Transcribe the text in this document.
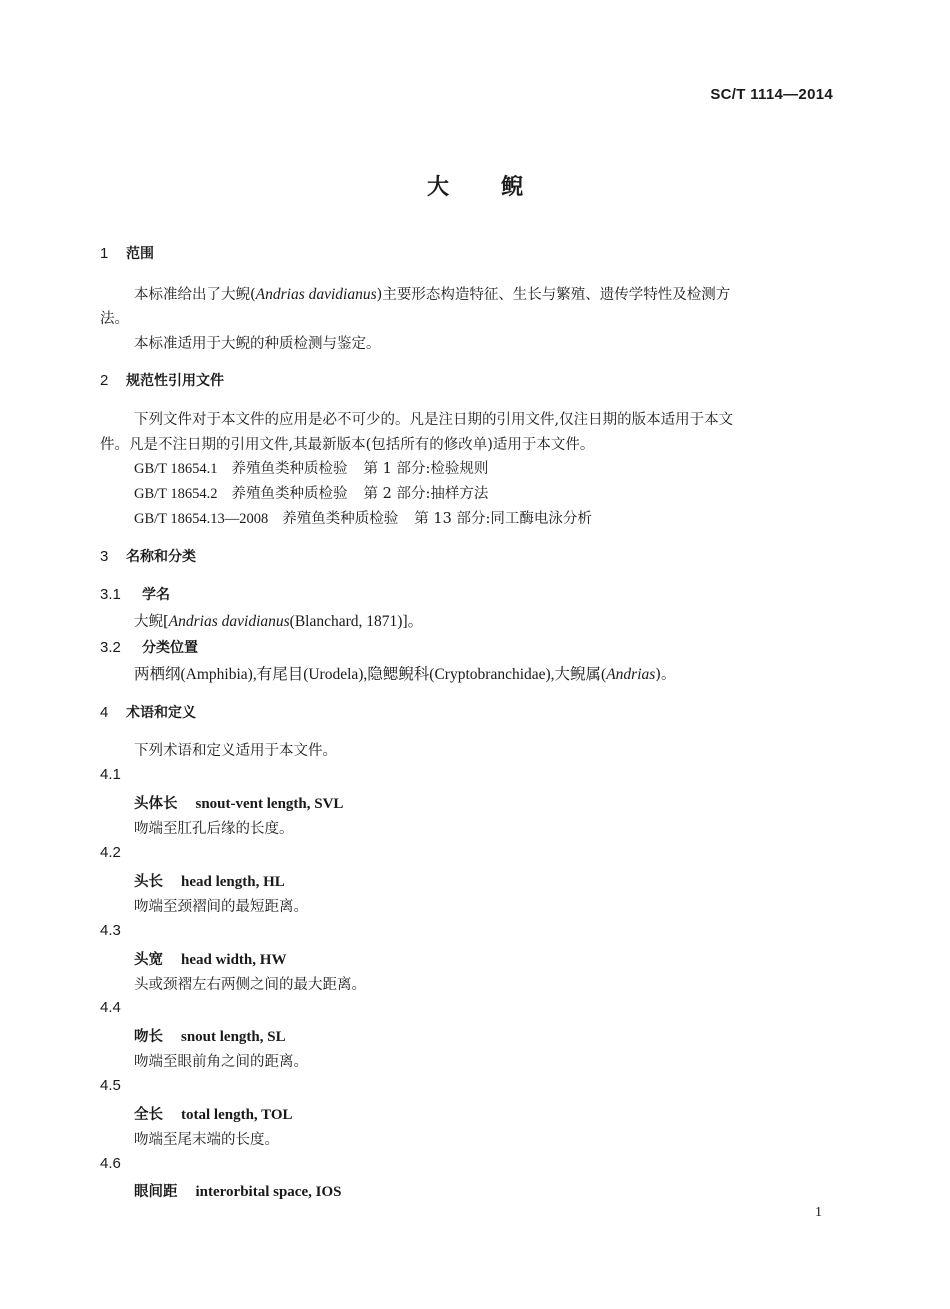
SC/T 1114—2014
大鲵
1 范围
本标准给出了大鲵(Andrias davidianus)主要形态构造特征、生长与繁殖、遗传学特性及检测方
法。
本标准适用于大鲵的种质检测与鉴定。
2 规范性引用文件
下列文件对于本文件的应用是必不可少的。凡是注日期的引用文件,仅注日期的版本适用于本文
件。凡是不注日期的引用文件,其最新版本(包括所有的修改单)适用于本文件。
GB/T 18654.1 养殖鱼类种质检验 第 1 部分:检验规则
GB/T 18654.2 养殖鱼类种质检验 第 2 部分:抽样方法
GB/T 18654.13—2008 养殖鱼类种质检验 第 13 部分:同工酶电泳分析
3 名称和分类
3.1 学名
大鲵[Andrias davidianus(Blanchard, 1871)]。
3.2 分类位置
两栖纲(Amphibia),有尾目(Urodela),隐鳃鲵科(Cryptobranchidae),大鲵属(Andrias)。
4 术语和定义
下列术语和定义适用于本文件。
4.1
头体长 snout-vent length, SVL
吻端至肛孔后缘的长度。
4.2
头长 head length, HL
吻端至颈褶间的最短距离。
4.3
头宽 head width, HW
头或颈褶左右两侧之间的最大距离。
4.4
吻长 snout length, SL
吻端至眼前角之间的距离。
4.5
全长 total length, TOL
吻端至尾末端的长度。
4.6
眼间距 interorbital space, IOS
1
